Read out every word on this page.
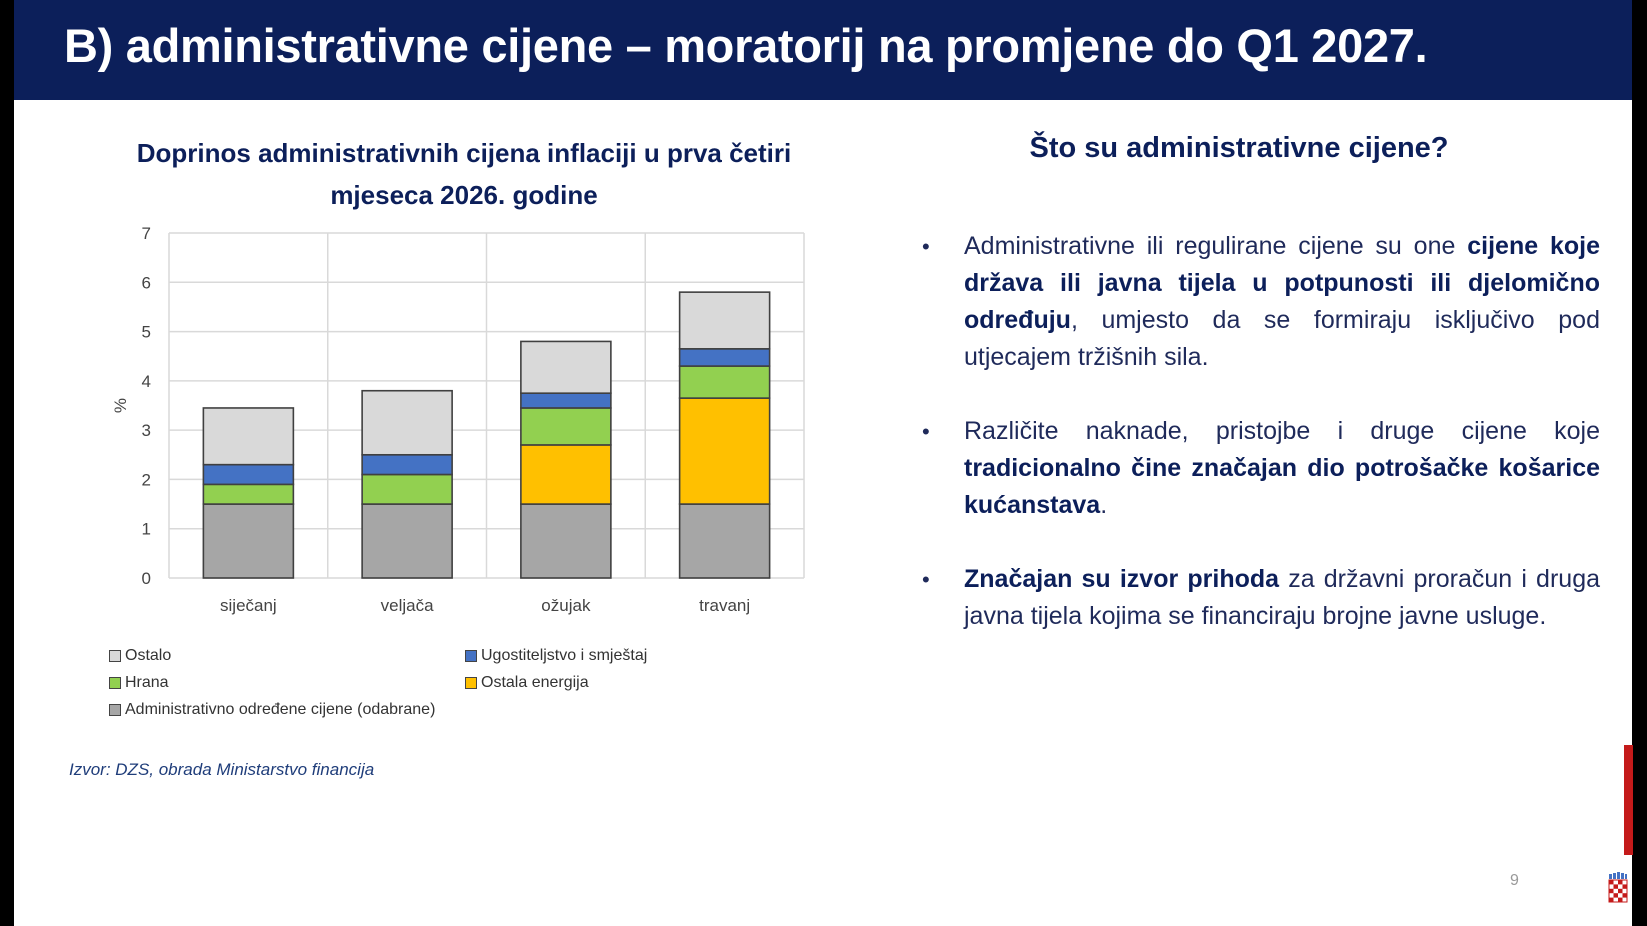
B) administrativne cijene – moratorij na promjene do Q1 2027.
Doprinos administrativnih cijena inflaciji u prva četiri mjeseca 2026. godine
0
1
2
3
4
5
6
7
%
siječanj	veljača	ožujak	travanj
Ostalo	Ugostiteljstvo i smještaj
Hrana	Ostala energija
Administrativno određene cijene (odabrane)
Izvor: DZS, obrada Ministarstvo financija
Što su administrativne cijene?
• Administrativne ili regulirane cijene su one cijene koje država ili javna tijela u potpunosti ili djelomično određuju, umjesto da se formiraju isključivo pod utjecajem tržišnih sila.
• Različite naknade, pristojbe i druge cijene koje tradicionalno čine značajan dio potrošačke košarice kućanstava.
• Značajan su izvor prihoda za državni proračun i druga javna tijela kojima se financiraju brojne javne usluge.
9
